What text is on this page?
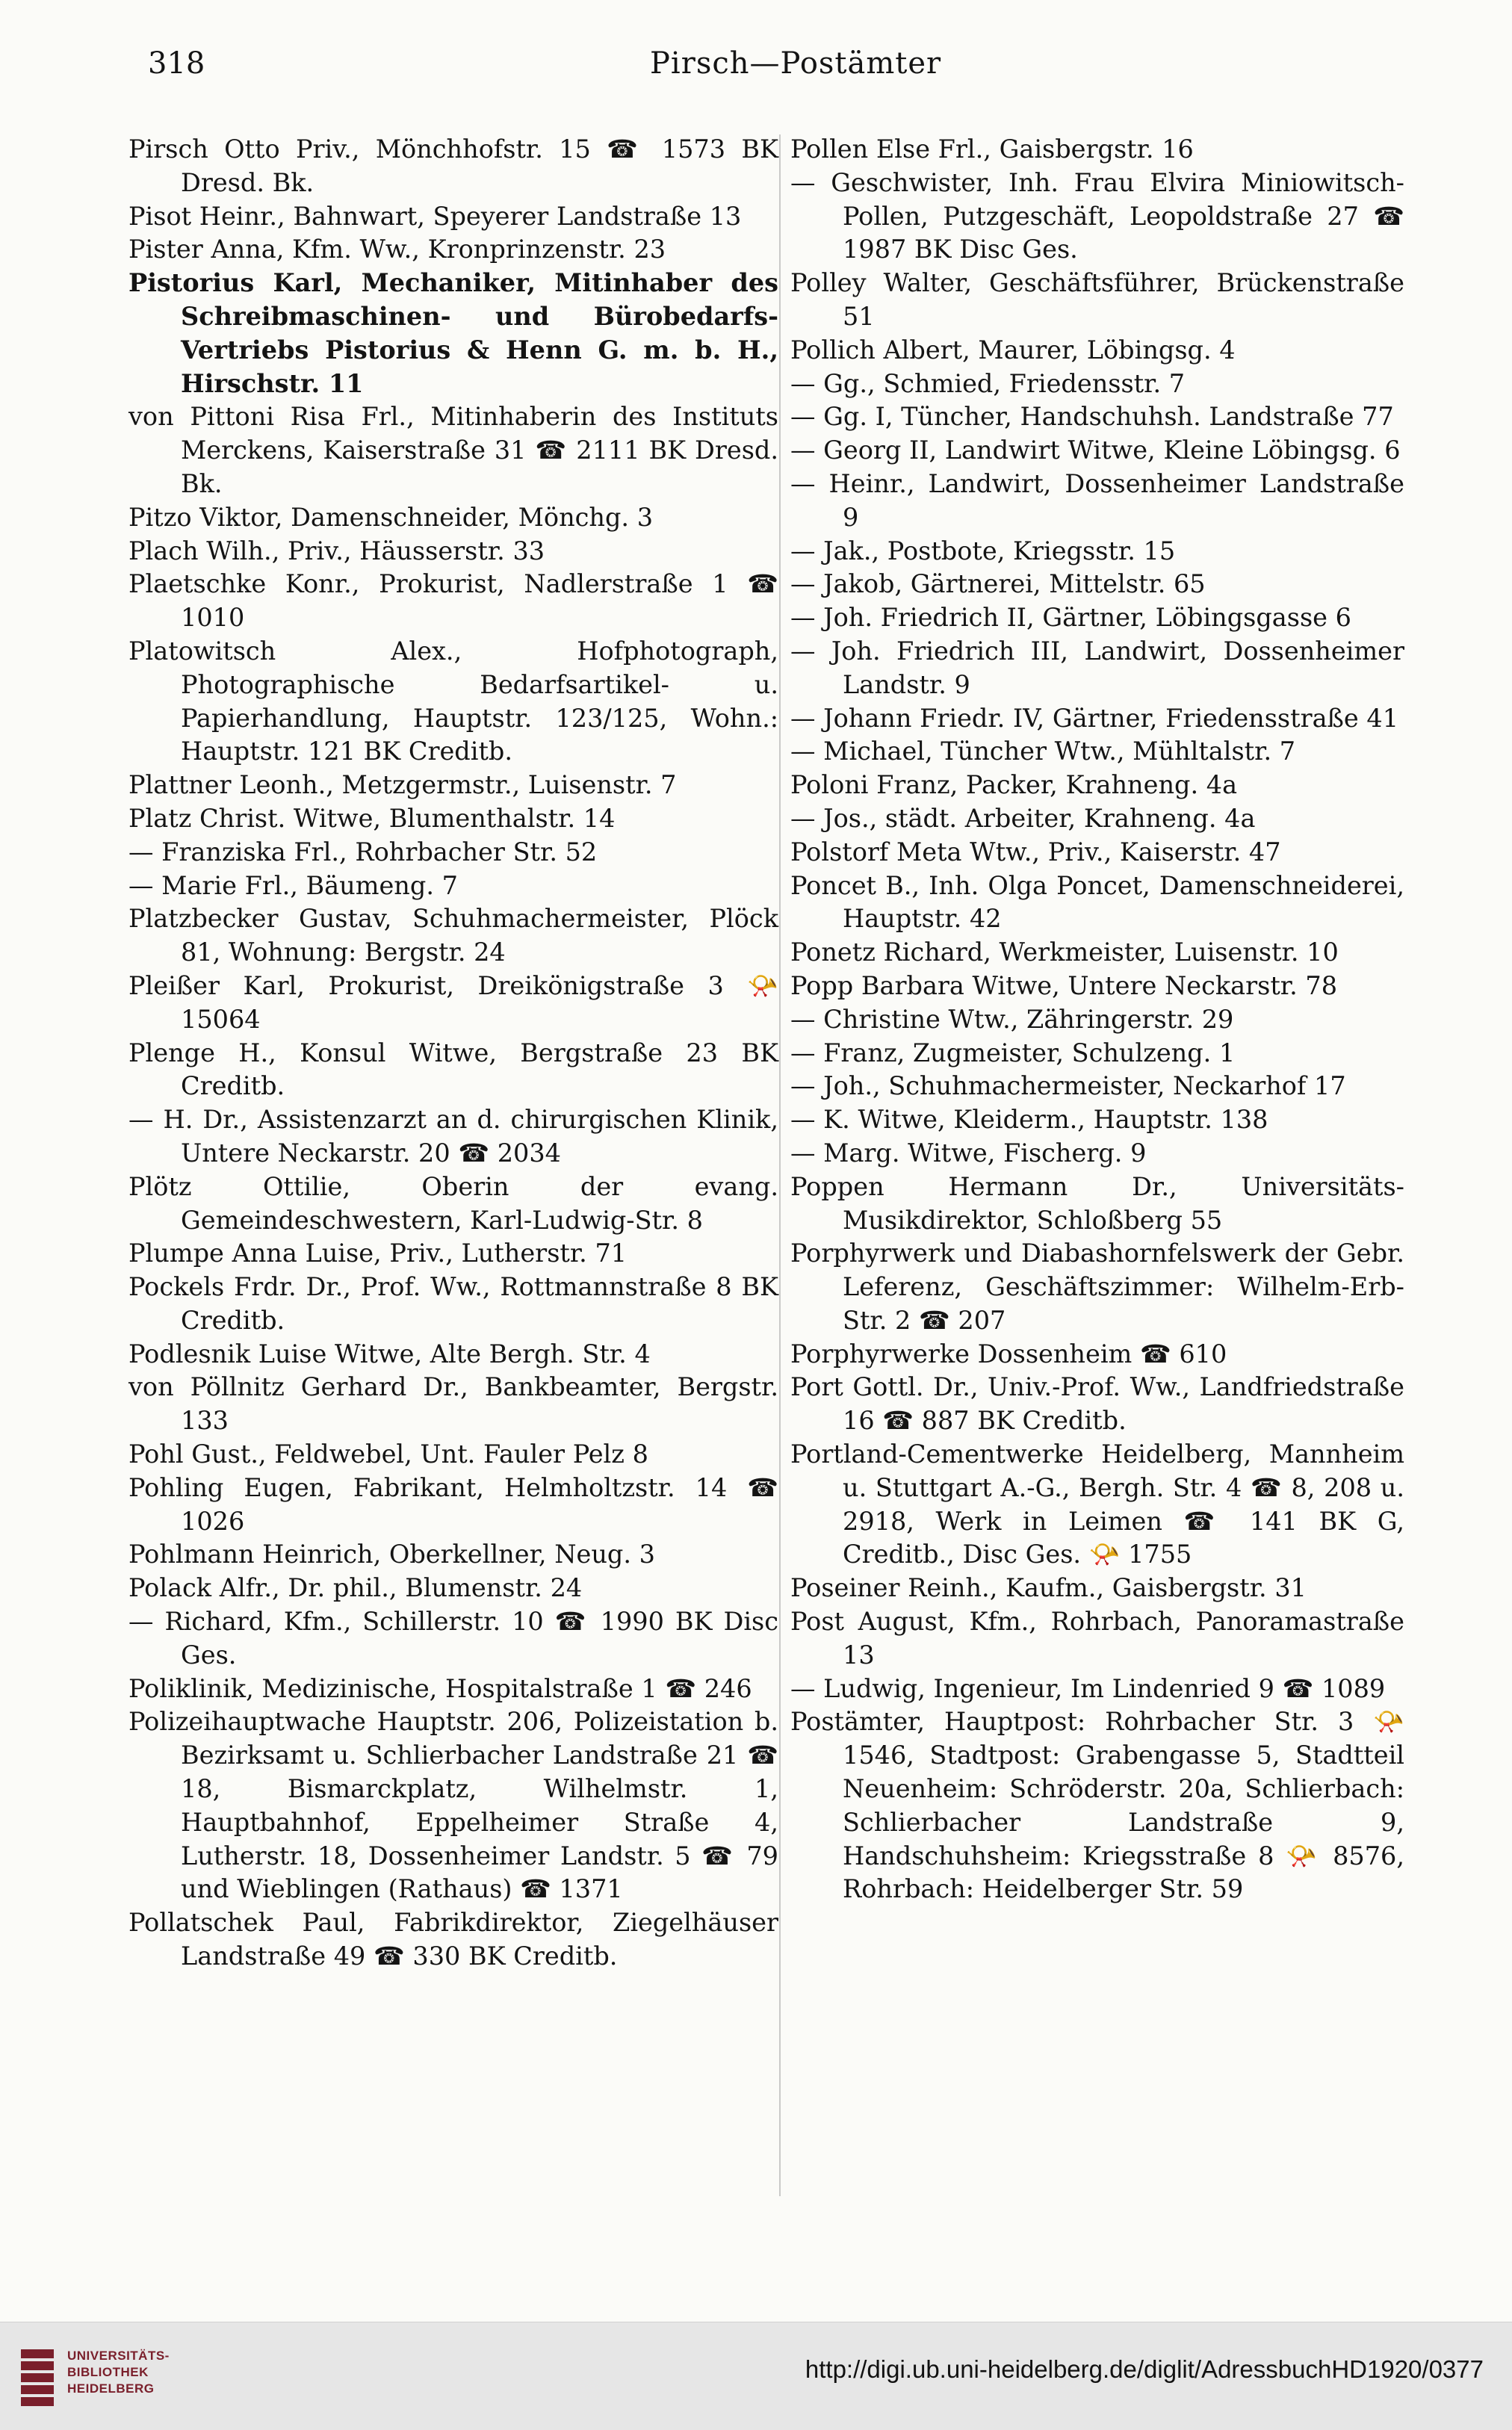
318	Pirsch—Postämter
Pirsch Otto Priv., Mönchhofstr. 15 ☎ 1573 BK Dresd. Bk.
Pisot Heinr., Bahnwart, Speyerer Landstraße 13
Pister Anna, Kfm. Ww., Kronprinzenstr. 23
Pistorius Karl, Mechaniker, Mitinhaber des Schreibmaschinen- und Bürobedarfs-Vertriebs Pistorius & Henn G. m. b. H., Hirschstr. 11
von Pittoni Risa Frl., Mitinhaberin des Instituts Merckens, Kaiserstraße 31 ☎ 2111 BK Dresd. Bk.
Pitzo Viktor, Damenschneider, Mönchg. 3
Plach Wilh., Priv., Häusserstr. 33
Plaetschke Konr., Prokurist, Nadlerstraße 1 ☎ 1010
Platowitsch Alex., Hofphotograph, Photographische Bedarfsartikel- u. Papierhandlung, Hauptstr. 123/125, Wohn.: Hauptstr. 121 BK Creditb.
Plattner Leonh., Metzgermstr., Luisenstr. 7
Platz Christ. Witwe, Blumenthalstr. 14
— Franziska Frl., Rohrbacher Str. 52
— Marie Frl., Bäumeng. 7
Platzbecker Gustav, Schuhmachermeister, Plöck 81, Wohnung: Bergstr. 24
Pleißer Karl, Prokurist, Dreikönigstraße 3 📯 15064
Plenge H., Konsul Witwe, Bergstraße 23 BK Creditb.
— H. Dr., Assistenzarzt an d. chirurgischen Klinik, Untere Neckarstr. 20 ☎ 2034
Plötz Ottilie, Oberin der evang. Gemeindeschwestern, Karl-Ludwig-Str. 8
Plumpe Anna Luise, Priv., Lutherstr. 71
Pockels Frdr. Dr., Prof. Ww., Rottmannstraße 8 BK Creditb.
Podlesnik Luise Witwe, Alte Bergh. Str. 4
von Pöllnitz Gerhard Dr., Bankbeamter, Bergstr. 133
Pohl Gust., Feldwebel, Unt. Fauler Pelz 8
Pohling Eugen, Fabrikant, Helmholtzstr. 14 ☎ 1026
Pohlmann Heinrich, Oberkellner, Neug. 3
Polack Alfr., Dr. phil., Blumenstr. 24
— Richard, Kfm., Schillerstr. 10 ☎ 1990 BK Disc Ges.
Poliklinik, Medizinische, Hospitalstraße 1 ☎ 246
Polizeihauptwache Hauptstr. 206, Polizeistation b. Bezirksamt u. Schlierbacher Landstraße 21 ☎ 18, Bismarckplatz, Wilhelmstr. 1, Hauptbahnhof, Eppelheimer Straße 4, Lutherstr. 18, Dossenheimer Landstr. 5 ☎ 79 und Wieblingen (Rathaus) ☎ 1371
Pollatschek Paul, Fabrikdirektor, Ziegelhäuser Landstraße 49 ☎ 330 BK Creditb.
Pollen Else Frl., Gaisbergstr. 16
— Geschwister, Inh. Frau Elvira Miniowitsch-Pollen, Putzgeschäft, Leopoldstraße 27 ☎ 1987 BK Disc Ges.
Polley Walter, Geschäftsführer, Brückenstraße 51
Pollich Albert, Maurer, Löbingsg. 4
— Gg., Schmied, Friedensstr. 7
— Gg. I, Tüncher, Handschuhsh. Landstraße 77
— Georg II, Landwirt Witwe, Kleine Löbingsg. 6
— Heinr., Landwirt, Dossenheimer Landstraße 9
— Jak., Postbote, Kriegsstr. 15
— Jakob, Gärtnerei, Mittelstr. 65
— Joh. Friedrich II, Gärtner, Löbingsgasse 6
— Joh. Friedrich III, Landwirt, Dossenheimer Landstr. 9
— Johann Friedr. IV, Gärtner, Friedensstraße 41
— Michael, Tüncher Wtw., Mühltalstr. 7
Poloni Franz, Packer, Krahneng. 4a
— Jos., städt. Arbeiter, Krahneng. 4a
Polstorf Meta Wtw., Priv., Kaiserstr. 47
Poncet B., Inh. Olga Poncet, Damenschneiderei, Hauptstr. 42
Ponetz Richard, Werkmeister, Luisenstr. 10
Popp Barbara Witwe, Untere Neckarstr. 78
— Christine Wtw., Zähringerstr. 29
— Franz, Zugmeister, Schulzeng. 1
— Joh., Schuhmachermeister, Neckarhof 17
— K. Witwe, Kleiderm., Hauptstr. 138
— Marg. Witwe, Fischerg. 9
Poppen Hermann Dr., Universitäts-Musikdirektor, Schloßberg 55
Porphyrwerk und Diabashornfelswerk der Gebr. Leferenz, Geschäftszimmer: Wilhelm-Erb-Str. 2 ☎ 207
Porphyrwerke Dossenheim ☎ 610
Port Gottl. Dr., Univ.-Prof. Ww., Landfriedstraße 16 ☎ 887 BK Creditb.
Portland-Cementwerke Heidelberg, Mannheim u. Stuttgart A.-G., Bergh. Str. 4 ☎ 8, 208 u. 2918, Werk in Leimen ☎ 141 BK G, Creditb., Disc Ges. 📯 1755
Poseiner Reinh., Kaufm., Gaisbergstr. 31
Post August, Kfm., Rohrbach, Panoramastraße 13
— Ludwig, Ingenieur, Im Lindenried 9 ☎ 1089
Postämter, Hauptpost: Rohrbacher Str. 3 📯 1546, Stadtpost: Grabengasse 5, Stadtteil Neuenheim: Schröderstr. 20a, Schlierbach: Schlierbacher Landstraße 9, Handschuhsheim: Kriegsstraße 8 📯 8576, Rohrbach: Heidelberger Str. 59
UNIVERSITÄTS-
BIBLIOTHEK
HEIDELBERG
http://digi.ub.uni-heidelberg.de/diglit/AdressbuchHD1920/0377
